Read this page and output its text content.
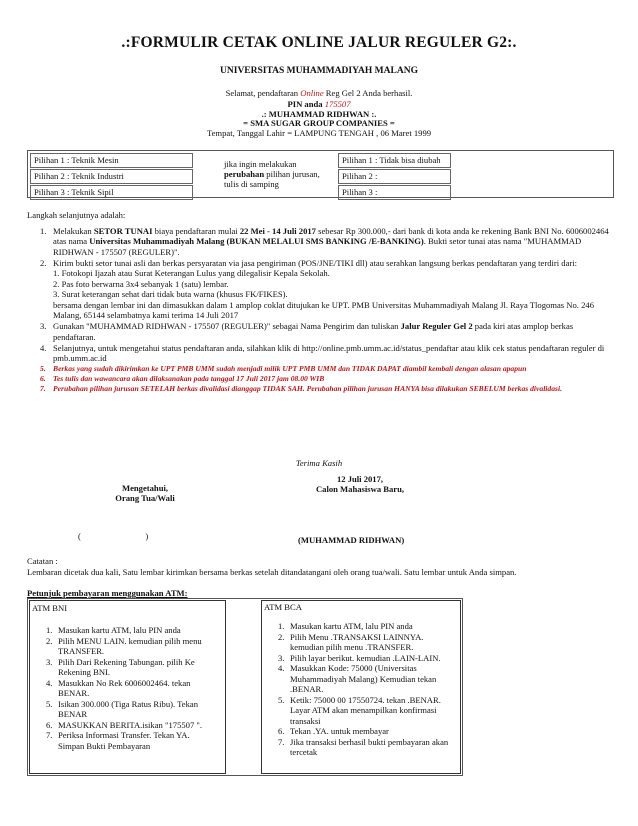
.:FORMULIR CETAK ONLINE JALUR REGULER G2:.
UNIVERSITAS MUHAMMADIYAH MALANG
Selamat, pendaftaran Online Reg Gel 2 Anda berhasil.
PIN anda 175507
.: MUHAMMAD RIDHWAN :.
= SMA SUGAR GROUP COMPANIES =
Tempat, Tanggal Lahir = LAMPUNG TENGAH , 06 Maret 1999
Pilihan 1 : Teknik Mesin
Pilihan 2 : Teknik Industri
Pilihan 3 : Teknik Sipil
jika ingin melakukan
perubahan pilihan jurusan, tulis di samping
Pilihan 1 : Tidak bisa diubah
Pilihan 2 :
Pilihan 3 :
Langkah selanjutnya adalah:
1. Melakukan SETOR TUNAI biaya pendaftaran mulai 22 Mei - 14 Juli 2017 sebesar Rp 300.000,- dari bank di kota anda ke rekening Bank BNI No. 6006002464 atas nama Universitas Muhammadiyah Malang (BUKAN MELALUI SMS BANKING /E-BANKING). Bukti setor tunai atas nama "MUHAMMAD RIDHWAN - 175507 (REGULER)".
2. Kirim bukti setor tunai asli dan berkas persyaratan via jasa pengiriman (POS/JNE/TIKI dll) atau serahkan langsung berkas pendaftaran yang terdiri dari:
1. Fotokopi Ijazah atau Surat Keterangan Lulus yang dilegalisir Kepala Sekolah.
2. Pas foto berwarna 3x4 sebanyak 1 (satu) lembar.
3. Surat keterangan sehat dari tidak buta warna (khusus FK/FIKES).
bersama dengan lembar ini dan dimasukkan dalam 1 amplop coklat ditujukan ke UPT. PMB Universitas Muhammadiyah Malang Jl. Raya Tlogomas No. 246 Malang, 65144 selambatnya kami terima 14 Juli 2017
3. Gunakan "MUHAMMAD RIDHWAN - 175507 (REGULER)" sebagai Nama Pengirim dan tuliskan Jalur Reguler Gel 2 pada kiri atas amplop berkas pendaftaran.
4. Selanjutnya, untuk mengetahui status pendaftaran anda, silahkan klik di http://online.pmb.umm.ac.id/status_pendaftar atau klik cek status pendaftaran reguler di pmb.umm.ac.id
5. Berkas yang sudah dikirimkan ke UPT PMB UMM sudah menjadi milik UPT PMB UMM dan TIDAK DAPAT diambil kembali dengan alasan apapun
6. Tes tulis dan wawancara akan dilaksanakan pada tanggal 17 Juli 2017 jam 08.00 WIB
7. Perubahan pilihan jurusan SETELAH berkas divalidasi dianggap TIDAK SAH. Perubahan pilihan jurusan HANYA bisa dilakukan SEBELUM berkas divalidasi.
Terima Kasih
Mengetahui,
Orang Tua/Wali
12 Juli 2017,
Calon Mahasiswa Baru,
(                              )	(MUHAMMAD RIDHWAN)
Catatan :
Lembaran dicetak dua kali, Satu lembar kirimkan bersama berkas setelah ditandatangani oleh orang tua/wali. Satu lembar untuk Anda simpan.
Petunjuk pembayaran menggunakan ATM:
ATM BNI
1. Masukan kartu ATM, lalu PIN anda
2. Pilih MENU LAIN. kemudian pilih menu TRANSFER.
3. Pilih Dari Rekening Tabungan. pilih Ke Rekening BNI.
4. Masukkan No Rek 6006002464. tekan BENAR.
5. Isikan 300.000 (Tiga Ratus Ribu). Tekan BENAR
6. MASUKKAN BERITA.isikan "175507 ".
7. Periksa Informasi Transfer. Tekan YA. Simpan Bukti Pembayaran
ATM BCA
1. Masukan kartu ATM, lalu PIN anda
2. Pilih Menu .TRANSAKSI LAINNYA. kemudian pilih menu .TRANSFER.
3. Pilih layar berikut. kemudian .LAIN-LAIN.
4. Masukkan Kode: 75000 (Universitas Muhammadiyah Malang) Kemudian tekan .BENAR.
5. Ketik: 75000 00 17550724. tekan .BENAR. Layar ATM akan menampilkan konfirmasi transaksi
6. Tekan .YA. untuk membayar
7. Jika transaksi berhasil bukti pembayaran akan tercetak
